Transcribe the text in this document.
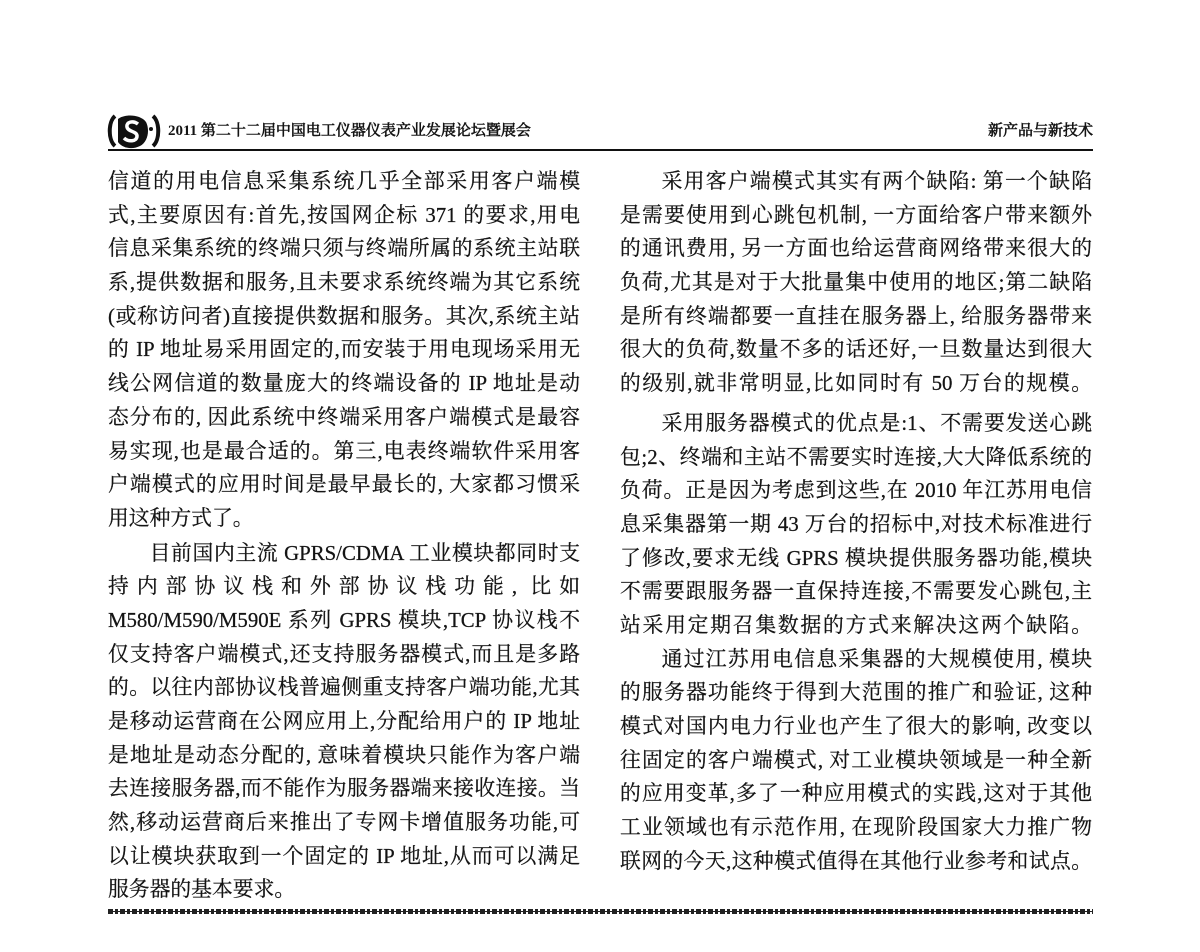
2011 第二十二届中国电工仪器仪表产业发展论坛暨展会	新产品与新技术
信道的用电信息采集系统几乎全部采用客户端模
式,主要原因有:首先,按国网企标 371 的要求,用电
信息采集系统的终端只须与终端所属的系统主站联
系,提供数据和服务,且未要求系统终端为其它系统
(或称访问者)直接提供数据和服务。其次,系统主站
的 IP 地址易采用固定的,而安装于用电现场采用无
线公网信道的数量庞大的终端设备的 IP 地址是动
态分布的, 因此系统中终端采用客户端模式是最容
易实现,也是最合适的。第三,电表终端软件采用客
户端模式的应用时间是最早最长的, 大家都习惯采
用这种方式了。
目前国内主流 GPRS/CDMA 工业模块都同时支
持内部协议栈和外部协议栈功能, 比如
M580/M590/M590E 系列 GPRS 模块,TCP 协议栈不
仅支持客户端模式,还支持服务器模式,而且是多路
的。以往内部协议栈普遍侧重支持客户端功能,尤其
是移动运营商在公网应用上,分配给用户的 IP 地址
是地址是动态分配的, 意味着模块只能作为客户端
去连接服务器,而不能作为服务器端来接收连接。当
然,移动运营商后来推出了专网卡增值服务功能,可
以让模块获取到一个固定的 IP 地址,从而可以满足
服务器的基本要求。
采用客户端模式其实有两个缺陷: 第一个缺陷
是需要使用到心跳包机制, 一方面给客户带来额外
的通讯费用, 另一方面也给运营商网络带来很大的
负荷,尤其是对于大批量集中使用的地区;第二缺陷
是所有终端都要一直挂在服务器上, 给服务器带来
很大的负荷,数量不多的话还好,一旦数量达到很大
的级别,就非常明显,比如同时有 50 万台的规模。
采用服务器模式的优点是:1、不需要发送心跳
包;2、终端和主站不需要实时连接,大大降低系统的
负荷。正是因为考虑到这些,在 2010 年江苏用电信
息采集器第一期 43 万台的招标中,对技术标准进行
了修改,要求无线 GPRS 模块提供服务器功能,模块
不需要跟服务器一直保持连接,不需要发心跳包,主
站采用定期召集数据的方式来解决这两个缺陷。
通过江苏用电信息采集器的大规模使用, 模块
的服务器功能终于得到大范围的推广和验证, 这种
模式对国内电力行业也产生了很大的影响, 改变以
往固定的客户端模式, 对工业模块领域是一种全新
的应用变革,多了一种应用模式的实践,这对于其他
工业领域也有示范作用, 在现阶段国家大力推广物
联网的今天,这种模式值得在其他行业参考和试点。
